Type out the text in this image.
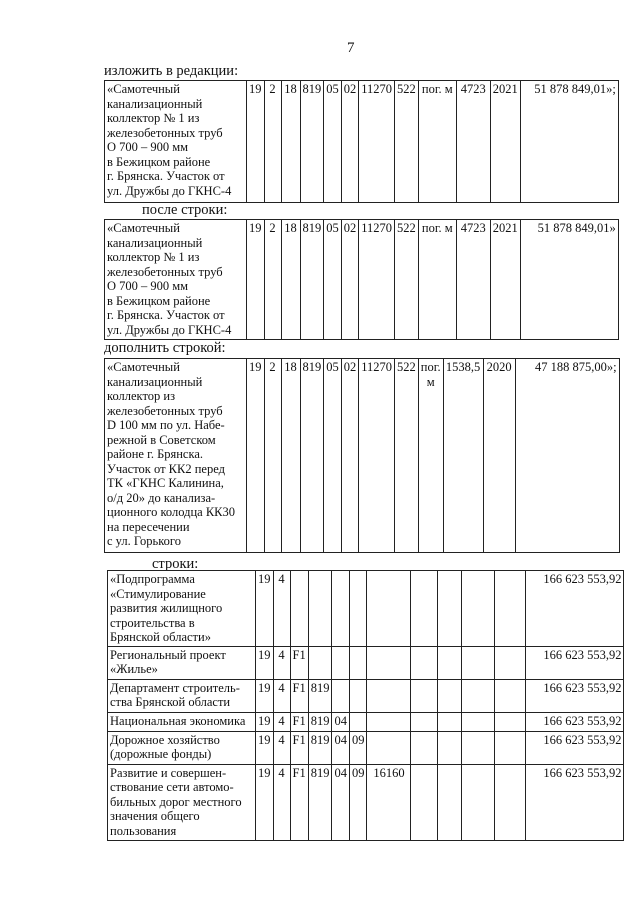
7
изложить в редакции:
«Самотечный
канализационный
коллектор № 1 из
железобетонных труб
О 700 – 900 мм
в Бежицком районе
г. Брянска. Участок от
ул. Дружбы до ГКНС-4	19	2	18	819	05	02	11270	522	пог. м	4723	2021	51 878 849,01»;
после строки:
«Самотечный
канализационный
коллектор № 1 из
железобетонных труб
О 700 – 900 мм
в Бежицком районе
г. Брянска. Участок от
ул. Дружбы до ГКНС-4	19	2	18	819	05	02	11270	522	пог. м	4723	2021	51 878 849,01»
дополнить строкой:
«Самотечный
канализационный
коллектор из
железобетонных труб
D 100 мм по ул. Набе-
режной в Советском
районе г. Брянска.
Участок от КК2 перед
ТК «ГКНС Калинина,
о/д 20» до канализа-
ционного колодца КК30
на пересечении
с ул. Горького	19	2	18	819	05	02	11270	522	пог.
м	1538,5	2020	47 188 875,00»;
строки:
«Подпрограмма
«Стимулирование
развития жилищного
строительства в
Брянской области»	19	4										166 623 553,92
Региональный проект
«Жилье»	19	4	F1									166 623 553,92
Департамент строитель-
ства Брянской области	19	4	F1	819								166 623 553,92
Национальная экономика	19	4	F1	819	04							166 623 553,92
Дорожное хозяйство
(дорожные фонды)	19	4	F1	819	04	09						166 623 553,92
Развитие и совершен-
ствование сети автомо-
бильных дорог местного
значения общего
пользования	19	4	F1	819	04	09	16160					166 623 553,92
